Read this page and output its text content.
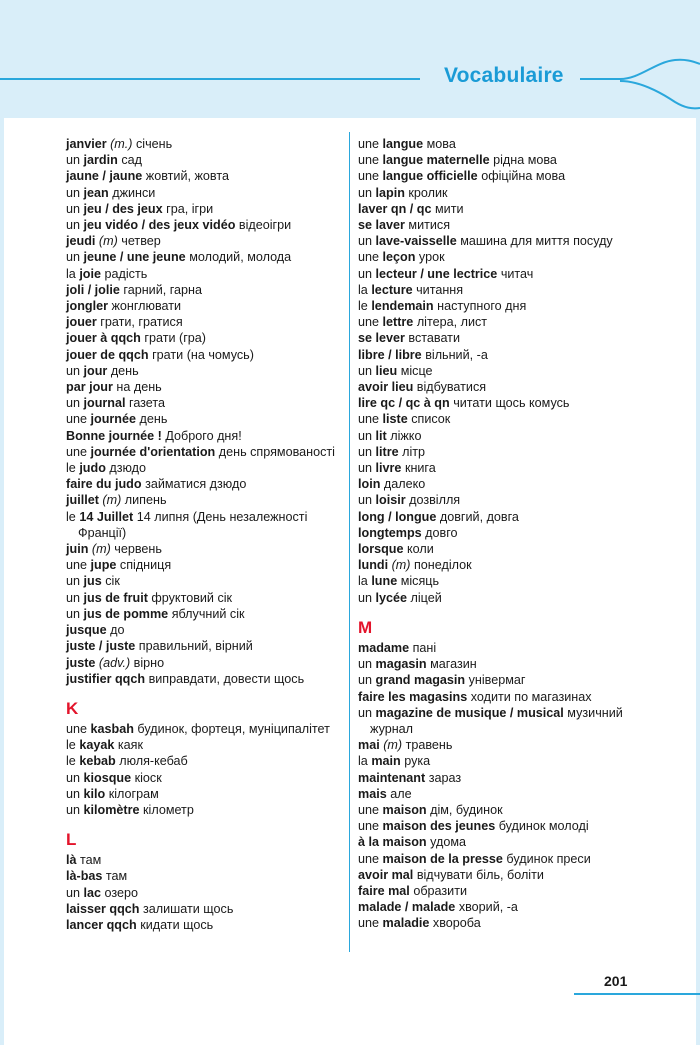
Vocabulaire
janvier (m.) січень
un jardin сад
jaune / jaune жовтий, жовта
un jean джинси
un jeu / des jeux гра, ігри
un jeu vidéo / des jeux vidéo відеоігри
jeudi (m) четвер
un jeune / une jeune молодий, молода
la joie радість
joli / jolie гарний, гарна
jongler жонглювати
jouer грати, гратися
jouer à qqch грати (гра)
jouer de qqch грати (на чомусь)
un jour день
par jour на день
un journal газета
une journée день
Bonne journée ! Доброго дня!
une journée d'orientation день спрямованості
le judo дзюдо
faire du judo займатися дзюдо
juillet (m) липень
le 14 Juillet 14 липня (День незалежності Франції)
juin (m) червень
une jupe спідниця
un jus сік
un jus de fruit фруктовий сік
un jus de pomme яблучний сік
jusque до
juste / juste правильний, вірний
juste (adv.) вірно
justifier qqch виправдати, довести щось
K
une kasbah будинок, фортеця, муніципалітет
le kayak каяк
le kebab люля-кебаб
un kiosque кіоск
un kilo кілограм
un kilomètre кілометр
L
là там
là-bas там
un lac озеро
laisser qqch залишати щось
lancer qqch кидати щось
une langue мова
une langue maternelle рідна мова
une langue officielle офіційна мова
un lapin кролик
laver qn / qc мити
se laver митися
un lave-vaisselle машина для миття посуду
une leçon урок
un lecteur / une lectrice читач
la lecture читання
le lendemain наступного дня
une lettre літера, лист
se lever вставати
libre / libre вільний, -а
un lieu місце
avoir lieu відбуватися
lire qc / qc à qn читати щось комусь
une liste список
un lit ліжко
un litre літр
un livre книга
loin далеко
un loisir дозвілля
long / longue довгий, довга
longtemps довго
lorsque коли
lundi (m) понеділок
la lune місяць
un lycée ліцей
M
madame пані
un magasin магазин
un grand magasin універмаг
faire les magasins ходити по магазинах
un magazine de musique / musical музичний журнал
mai (m) травень
la main рука
maintenant зараз
mais але
une maison дім, будинок
une maison des jeunes будинок молоді
à la maison удома
une maison de la presse будинок преси
avoir mal відчувати біль, боліти
faire mal образити
malade / malade хворий, -а
une maladie хвороба
201
